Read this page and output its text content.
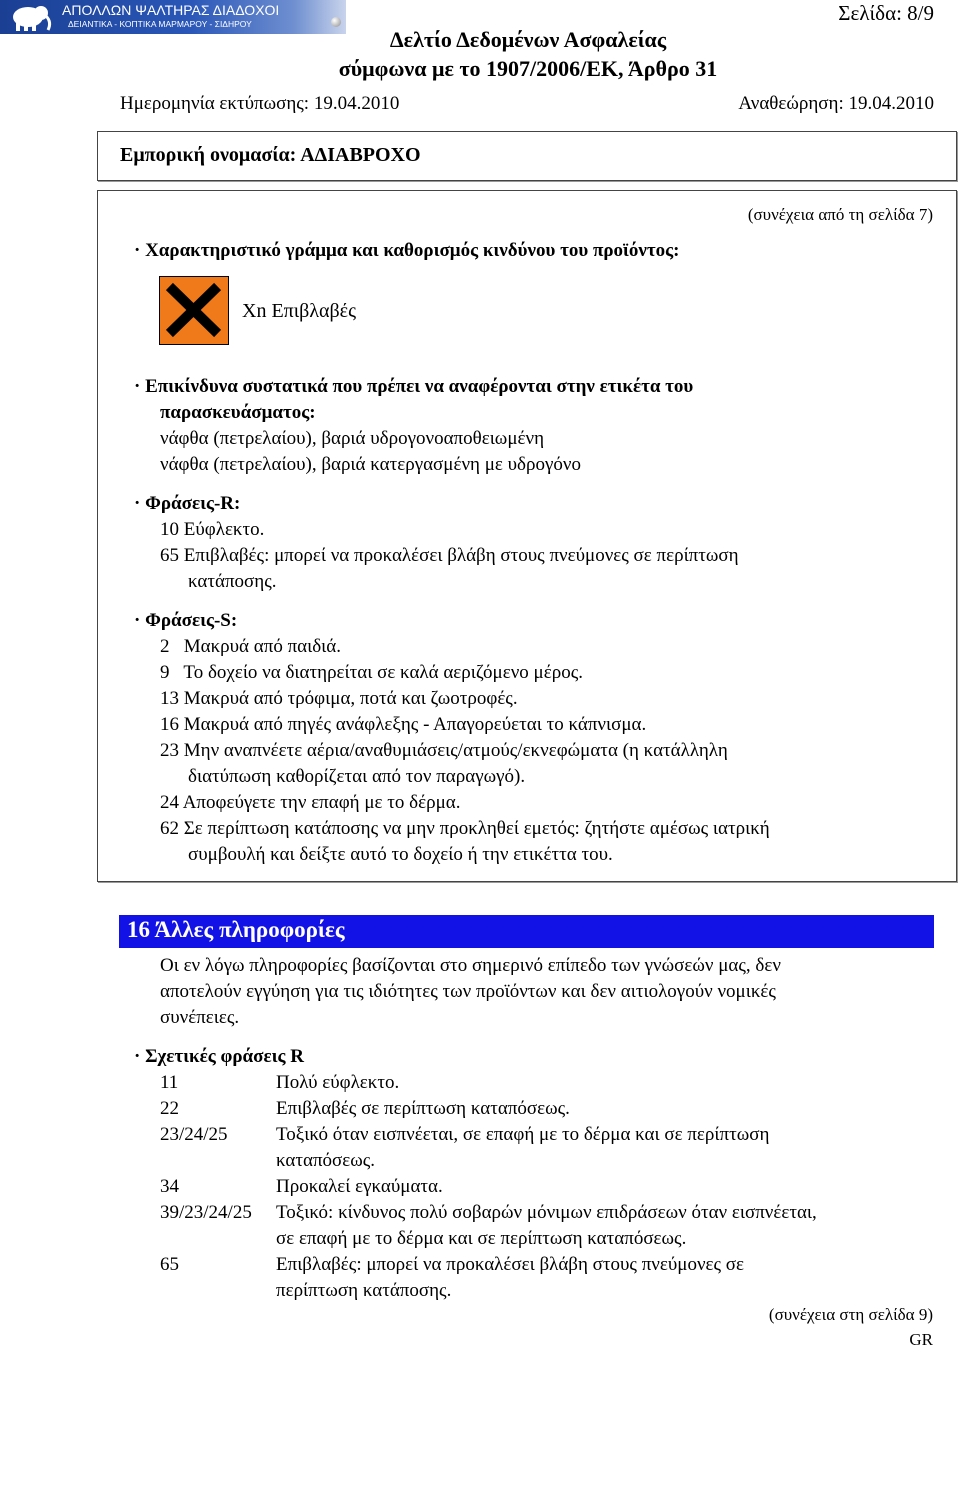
ΑΠΟΛΛΩΝ ΨΑΛΤΗΡΑΣ ΔΙΑΔΟΧΟΙ
ΔΕΙΑΝΤΙΚΑ - ΚΟΠΤΙΚΑ ΜΑΡΜΑΡΟΥ - ΣΙΔΗΡΟΥ	Σελίδα: 8/9
Δελτίο Δεδομένων Ασφαλείας
σύμφωνα με το 1907/2006/ΕΚ, Άρθρο 31
Ημερομηνία εκτύπωσης: 19.04.2010	Αναθεώρηση: 19.04.2010
Εμπορική ονομασία: ΑΔΙΑΒΡΟΧΟ
(συνέχεια από τη σελίδα 7)
· Χαρακτηριστικό γράμμα και καθορισμός κινδύνου του προϊόντος:
Xn Επιβλαβές
· Επικίνδυνα συστατικά που πρέπει να αναφέρονται στην ετικέτα του
παρασκευάσματος:
νάφθα (πετρελαίου), βαριά υδρογονοαποθειωμένη
νάφθα (πετρελαίου), βαριά κατεργασμένη με υδρογόνο
· Φράσεις-R:
10 Εύφλεκτο.
65 Επιβλαβές: μπορεί να προκαλέσει βλάβη στους πνεύμονες σε περίπτωση
κατάποσης.
· Φράσεις-S:
2   Μακρυά από παιδιά.
9   Το δοχείο να διατηρείται σε καλά αεριζόμενο μέρος.
13 Μακρυά από τρόφιμα, ποτά και ζωοτροφές.
16 Μακρυά από πηγές ανάφλεξης - Απαγορεύεται το κάπνισμα.
23 Μην αναπνέετε αέρια/αναθυμιάσεις/ατμούς/εκνεφώματα (η κατάλληλη
διατύπωση καθορίζεται από τον παραγωγό).
24 Αποφεύγετε την επαφή με το δέρμα.
62 Σε περίπτωση κατάποσης να μην προκληθεί εμετός: ζητήστε αμέσως ιατρική
συμβουλή και δείξτε αυτό το δοχείο ή την ετικέττα του.
16 Άλλες πληροφορίες
Οι εν λόγω πληροφορίες βασίζονται στο σημερινό επίπεδο των γνώσεών μας, δεν
αποτελούν εγγύηση για τις ιδιότητες των προϊόντων και δεν αιτιολογούν νομικές
συνέπειες.
· Σχετικές φράσεις R
11	Πολύ εύφλεκτο.
22	Επιβλαβές σε περίπτωση καταπόσεως.
23/24/25	Τοξικό όταν εισπνέεται, σε επαφή με το δέρμα και σε περίπτωση
καταπόσεως.
34	Προκαλεί εγκαύματα.
39/23/24/25 Τοξικό: κίνδυνος πολύ σοβαρών μόνιμων επιδράσεων όταν εισπνέεται,
σε επαφή με το δέρμα και σε περίπτωση καταπόσεως.
65	Επιβλαβές: μπορεί να προκαλέσει βλάβη στους πνεύμονες σε
περίπτωση κατάποσης.
(συνέχεια στη σελίδα 9)
GR
